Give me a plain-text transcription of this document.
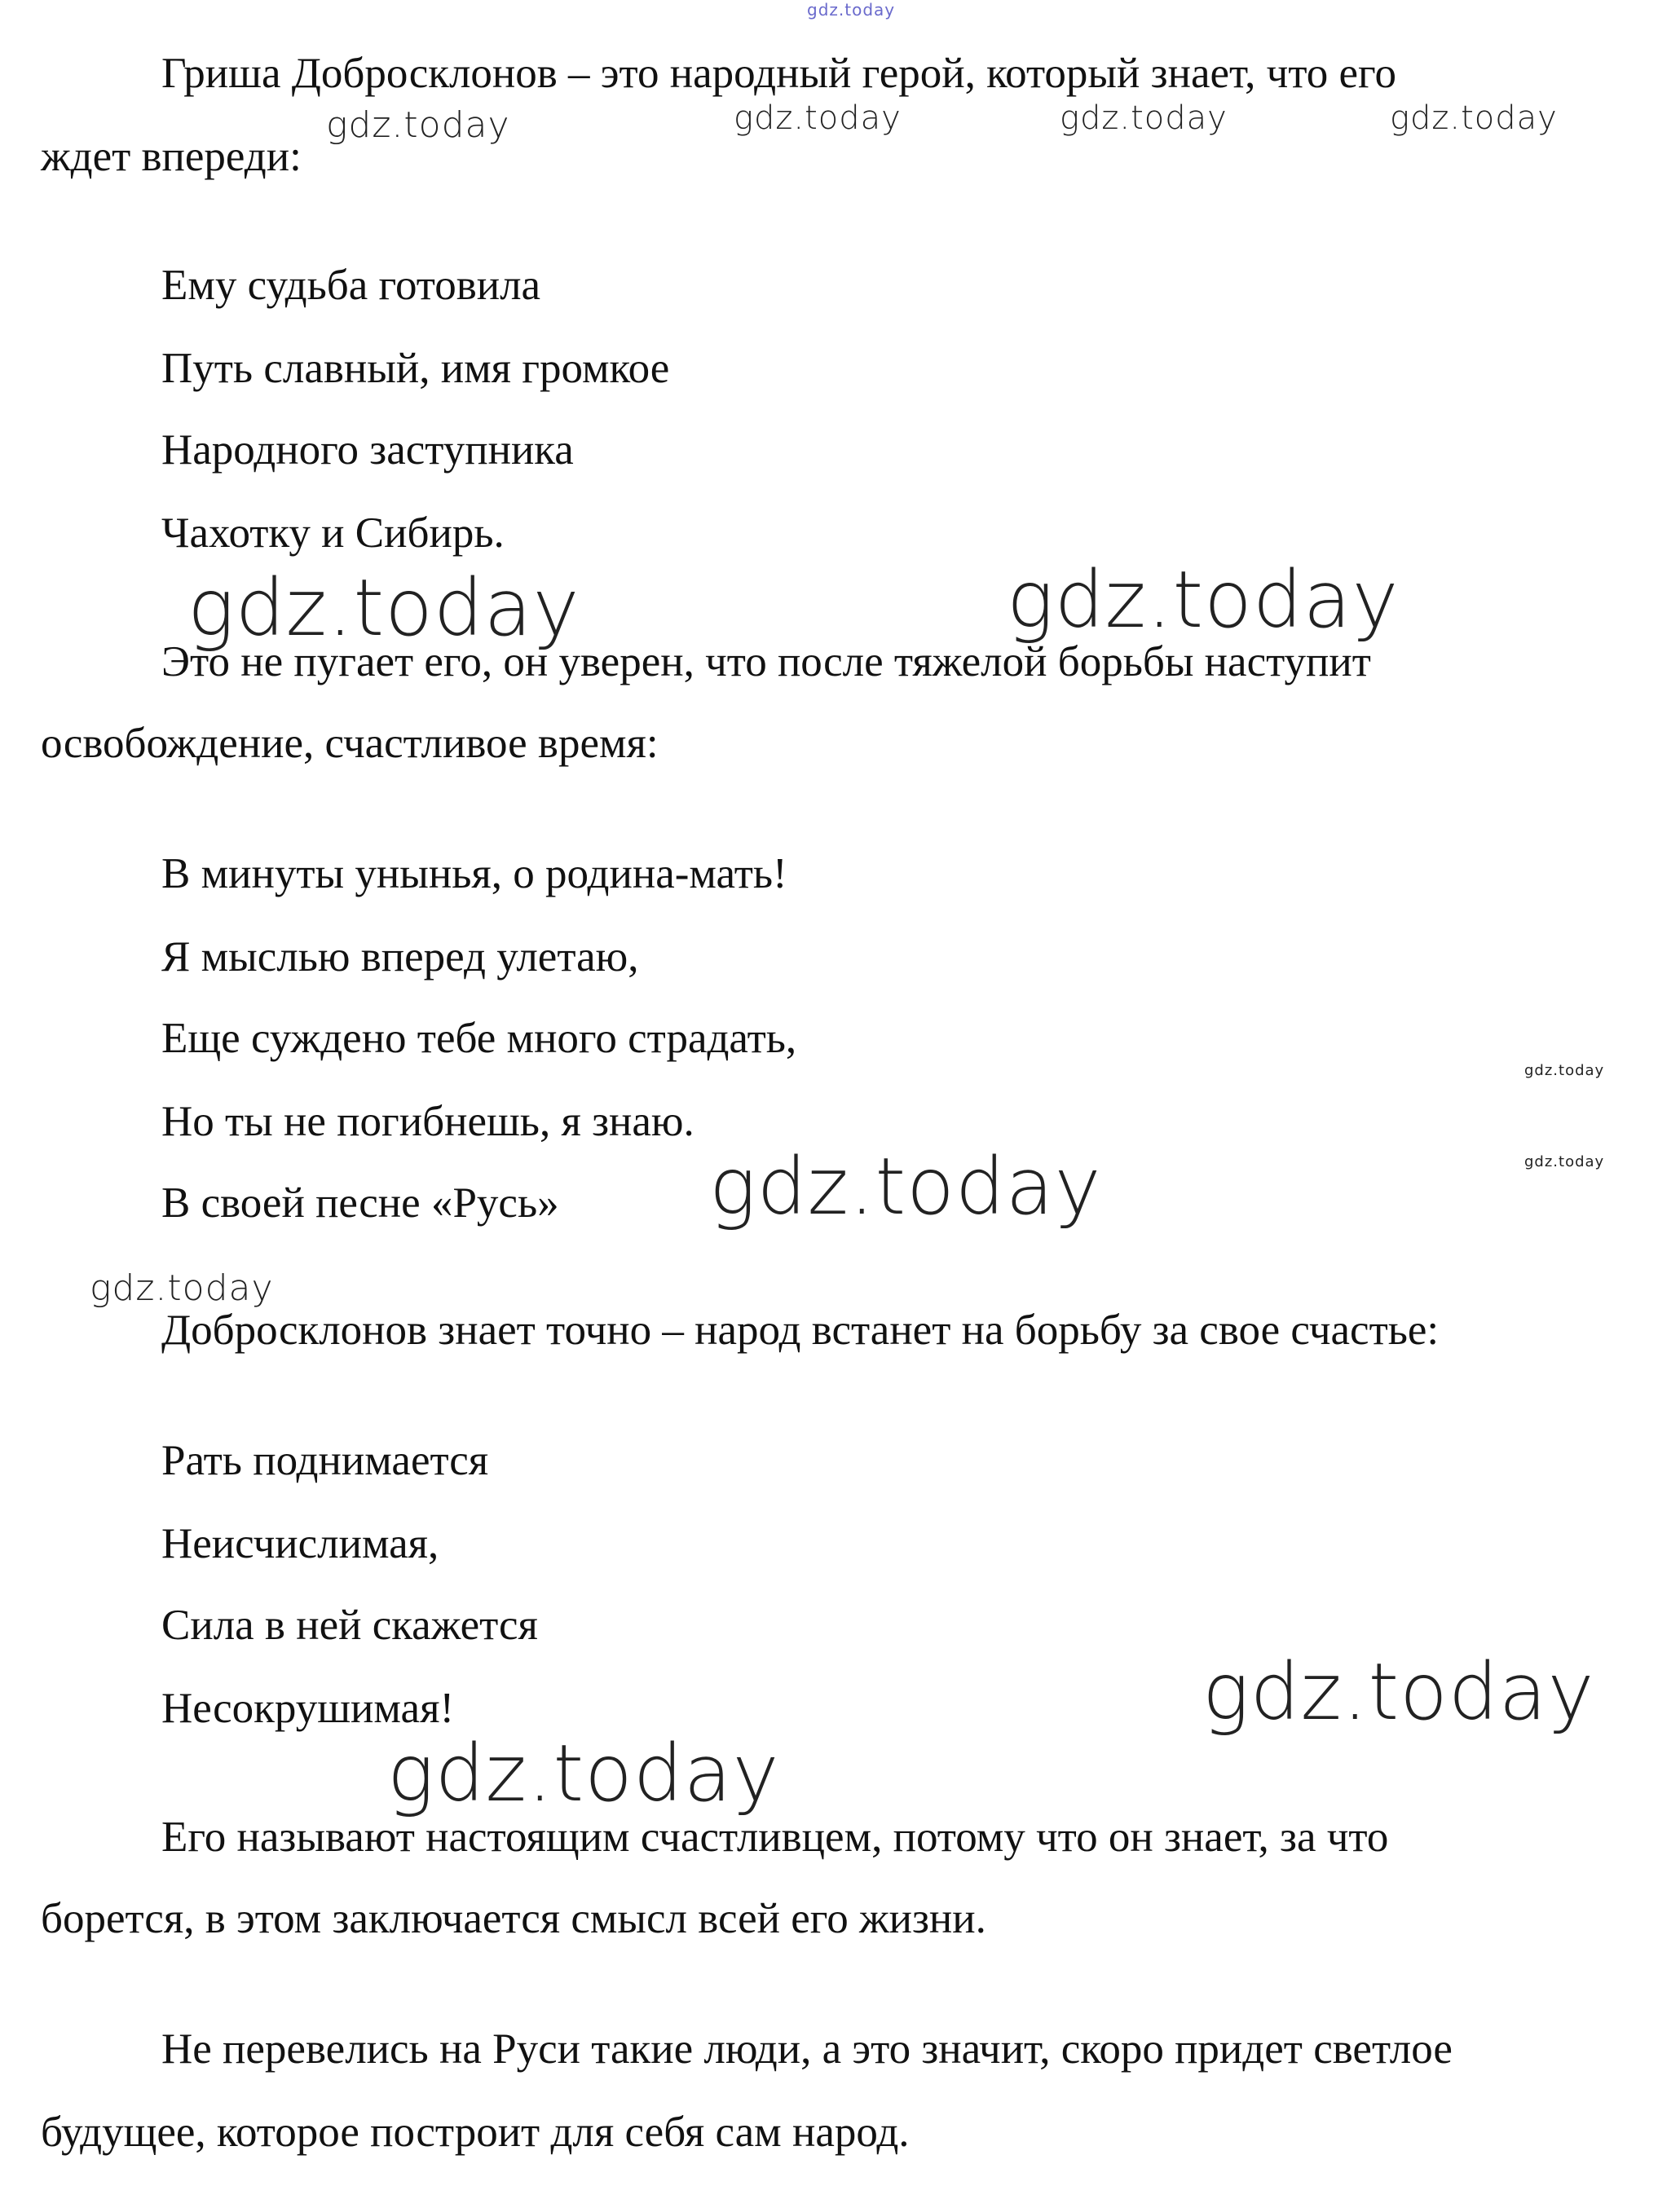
gdz.today
gdz.today	gdz.today	gdz.today	gdz.today
gdz.today	gdz.today
gdz.today
gdz.today
gdz.today
gdz.today
gdz.today
gdz.today

Гриша Добросклонов – это народный герой, который знает, что его

ждет впереди:

Ему судьба готовила

Путь славный, имя громкое

Народного заступника

Чахотку и Сибирь.

Это не пугает его, он уверен, что после тяжелой борьбы наступит

освобождение, счастливое время:

В минуты унынья, о родина-мать!

Я мыслью вперед улетаю,

Еще суждено тебе много страдать,

Но ты не погибнешь, я знаю.

В своей песне «Русь»

Добросклонов знает точно – народ встанет на борьбу за свое счастье:

Рать поднимается

Неисчислимая,

Сила в ней скажется

Несокрушимая!

Его называют настоящим счастливцем, потому что он знает, за что

борется, в этом заключается смысл всей его жизни.

Не перевелись на Руси такие люди, а это значит, скоро придет светлое

будущее, которое построит для себя сам народ.
